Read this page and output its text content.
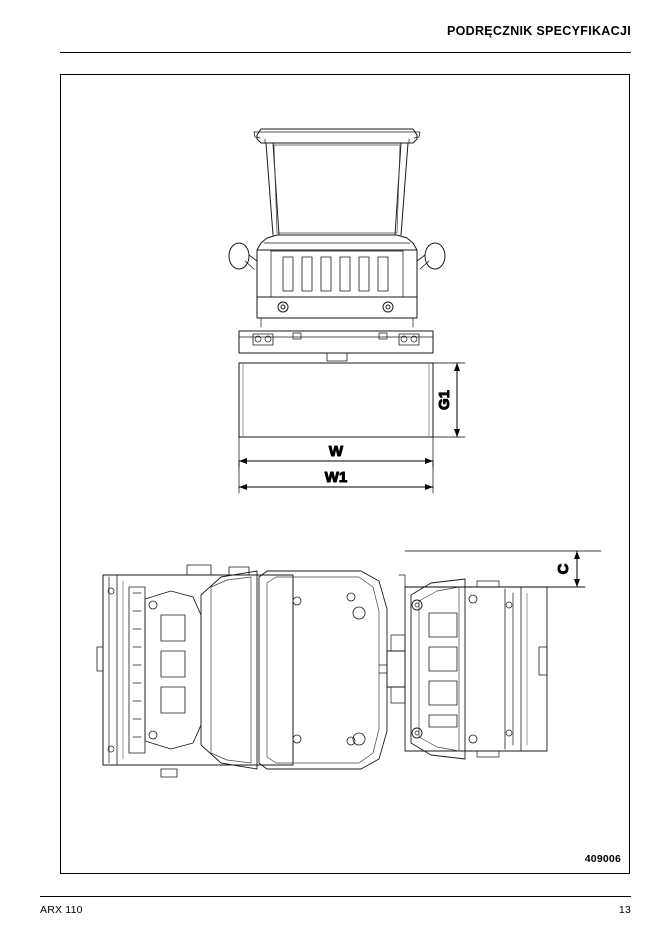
PODRĘCZNIK SPECYFIKACJI
G1
W
W1
C
409006
ARX 110	13
